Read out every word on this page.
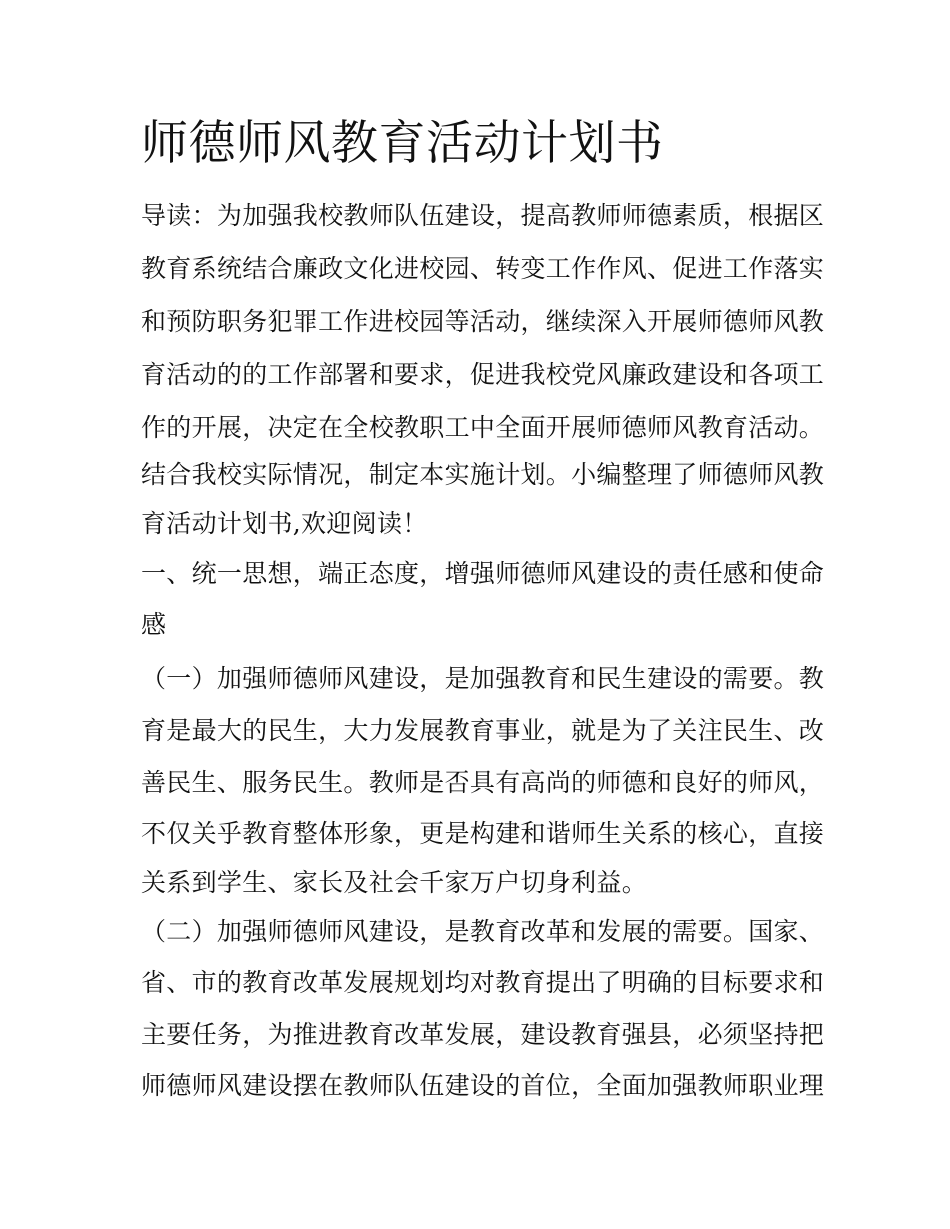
师德师风教育活动计划书

导读：为加强我校教师队伍建设，提高教师师德素质，根据区

教育系统结合廉政文化进校园、转变工作作风、促进工作落实

和预防职务犯罪工作进校园等活动，继续深入开展师德师风教

育活动的的工作部署和要求，促进我校党风廉政建设和各项工

作的开展，决定在全校教职工中全面开展师德师风教育活动。

结合我校实际情况，制定本实施计划。小编整理了师德师风教

育活动计划书,欢迎阅读！

一、统一思想，端正态度，增强师德师风建设的责任感和使命

感

（一）加强师德师风建设，是加强教育和民生建设的需要。教

育是最大的民生，大力发展教育事业，就是为了关注民生、改

善民生、服务民生。教师是否具有高尚的师德和良好的师风，

不仅关乎教育整体形象，更是构建和谐师生关系的核心，直接

关系到学生、家长及社会千家万户切身利益。

（二）加强师德师风建设，是教育改革和发展的需要。国家、

省、市的教育改革发展规划均对教育提出了明确的目标要求和

主要任务，为推进教育改革发展，建设教育强县，必须坚持把

师德师风建设摆在教师队伍建设的首位，全面加强教师职业理
